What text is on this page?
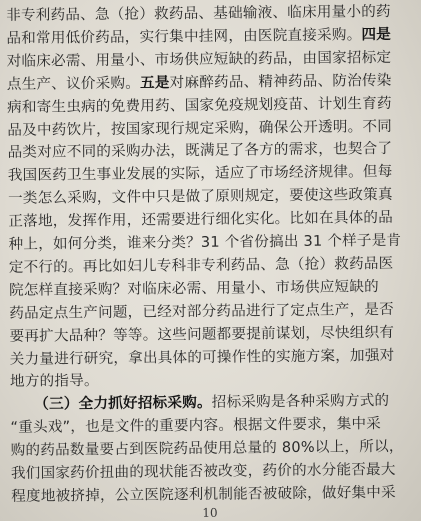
非专利药品、急（抢）救药品、基础输液、临床用量小的药
品和常用低价药品，实行集中挂网，由医院直接采购。四是
对临床必需、用量小、市场供应短缺的药品，由国家招标定
点生产、议价采购。五是对麻醉药品、精神药品、防治传染
病和寄生虫病的免费用药、国家免疫规划疫苗、计划生育药
品及中药饮片，按国家现行规定采购，确保公开透明。不同
品类对应不同的采购办法，既满足了各方的需求，也契合了
我国医药卫生事业发展的实际，适应了市场经济规律。但每
一类怎么采购，文件中只是做了原则规定，要使这些政策真
正落地，发挥作用，还需要进行细化实化。比如在具体的品
种上，如何分类，谁来分类？31 个省份搞出 31 个样子是肯
定不行的。再比如妇儿专科非专利药品、急（抢）救药品医
院怎样直接采购？对临床必需、用量小、市场供应短缺的
药品定点生产问题，已经对部分药品进行了定点生产，是否
要再扩大品种？等等。这些问题都要提前谋划，尽快组织有
关力量进行研究，拿出具体的可操作性的实施方案，加强对
地方的指导。
（三）全力抓好招标采购。招标采购是各种采购方式的
“重头戏”，也是文件的重要内容。根据文件要求，集中采
购的药品数量要占到医院药品使用总量的 80%以上，所以，
我们国家药价扭曲的现状能否被改变，药价的水分能否最大
程度地被挤掉，公立医院逐利机制能否被破除，做好集中采
10
